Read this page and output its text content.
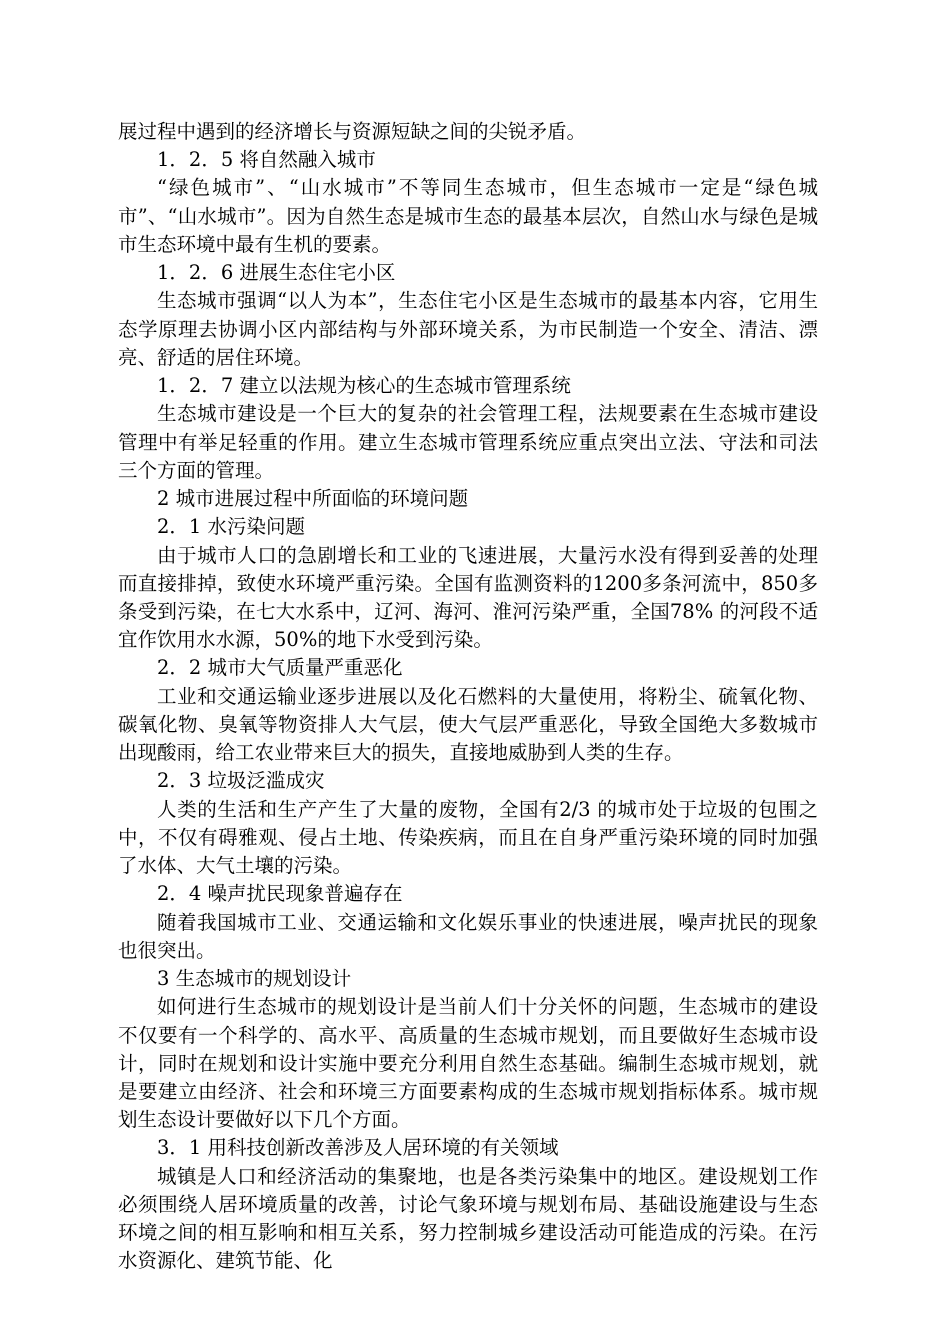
展过程中遇到的经济增长与资源短缺之间的尖锐矛盾。

1．2．5 将自然融入城市

“绿色城市”、“山水城市”不等同生态城市，但生态城市一定是“绿色城市”、“山水城市”。因为自然生态是城市生态的最基本层次，自然山水与绿色是城市生态环境中最有生机的要素。

1．2．6 进展生态住宅小区

生态城市强调“以人为本”，生态住宅小区是生态城市的最基本内容，它用生态学原理去协调小区内部结构与外部环境关系，为市民制造一个安全、清洁、漂亮、舒适的居住环境。

1．2．7 建立以法规为核心的生态城市管理系统

生态城市建设是一个巨大的复杂的社会管理工程，法规要素在生态城市建设管理中有举足轻重的作用。建立生态城市管理系统应重点突出立法、守法和司法三个方面的管理。

2 城市进展过程中所面临的环境问题

2．1 水污染问题

由于城市人口的急剧增长和工业的飞速进展，大量污水没有得到妥善的处理而直接排掉，致使水环境严重污染。全国有监测资料的1200多条河流中，850多条受到污染，在七大水系中，辽河、海河、淮河污染严重，全国78% 的河段不适宜作饮用水水源，50%的地下水受到污染。

2．2 城市大气质量严重恶化

工业和交通运输业逐步进展以及化石燃料的大量使用，将粉尘、硫氧化物、碳氧化物、臭氧等物资排人大气层，使大气层严重恶化，导致全国绝大多数城市出现酸雨，给工农业带来巨大的损失，直接地威胁到人类的生存。

2．3 垃圾泛滥成灾

人类的生活和生产产生了大量的废物，全国有2/3 的城市处于垃圾的包围之中，不仅有碍雅观、侵占土地、传染疾病，而且在自身严重污染环境的同时加强了水体、大气土壤的污染。

2．4 噪声扰民现象普遍存在

随着我国城市工业、交通运输和文化娱乐事业的快速进展，噪声扰民的现象也很突出。

3 生态城市的规划设计

如何进行生态城市的规划设计是当前人们十分关怀的问题，生态城市的建设不仅要有一个科学的、高水平、高质量的生态城市规划，而且要做好生态城市设计，同时在规划和设计实施中要充分利用自然生态基础。编制生态城市规划，就是要建立由经济、社会和环境三方面要素构成的生态城市规划指标体系。城市规划生态设计要做好以下几个方面。

3．1 用科技创新改善涉及人居环境的有关领域

城镇是人口和经济活动的集聚地，也是各类污染集中的地区。建设规划工作必须围绕人居环境质量的改善，讨论气象环境与规划布局、基础设施建设与生态环境之间的相互影响和相互关系，努力控制城乡建设活动可能造成的污染。在污水资源化、建筑节能、化
